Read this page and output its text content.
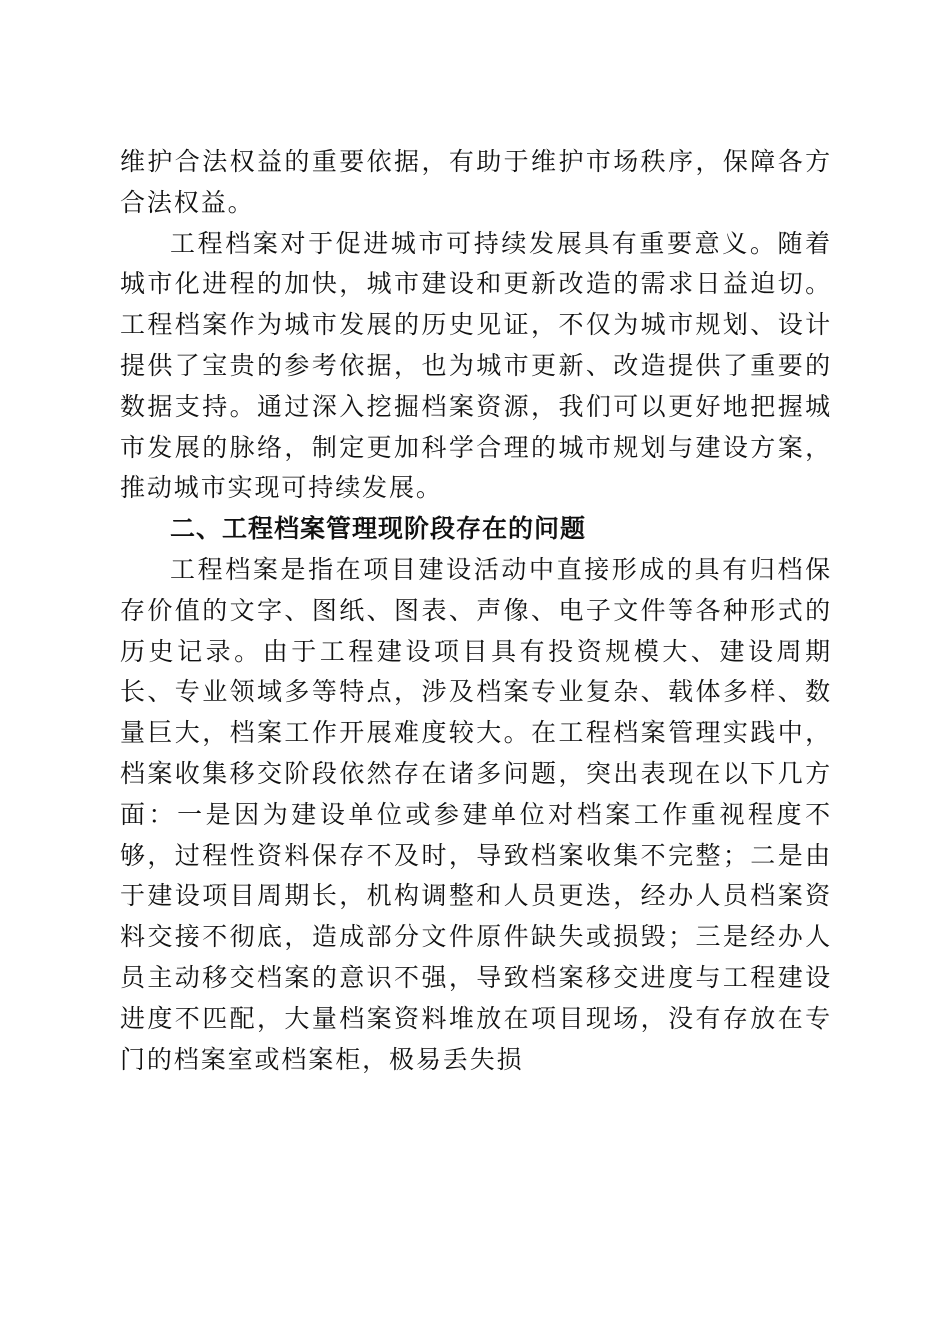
维护合法权益的重要依据，有助于维护市场秩序，保障各方合法权益。

工程档案对于促进城市可持续发展具有重要意义。随着城市化进程的加快，城市建设和更新改造的需求日益迫切。工程档案作为城市发展的历史见证，不仅为城市规划、设计提供了宝贵的参考依据，也为城市更新、改造提供了重要的数据支持。通过深入挖掘档案资源，我们可以更好地把握城市发展的脉络，制定更加科学合理的城市规划与建设方案，推动城市实现可持续发展。

二、工程档案管理现阶段存在的问题

工程档案是指在项目建设活动中直接形成的具有归档保存价值的文字、图纸、图表、声像、电子文件等各种形式的历史记录。由于工程建设项目具有投资规模大、建设周期长、专业领域多等特点，涉及档案专业复杂、载体多样、数量巨大，档案工作开展难度较大。在工程档案管理实践中，档案收集移交阶段依然存在诸多问题，突出表现在以下几方面：一是因为建设单位或参建单位对档案工作重视程度不够，过程性资料保存不及时，导致档案收集不完整；二是由于建设项目周期长，机构调整和人员更迭，经办人员档案资料交接不彻底，造成部分文件原件缺失或损毁；三是经办人员主动移交档案的意识不强，导致档案移交进度与工程建设进度不匹配，大量档案资料堆放在项目现场，没有存放在专门的档案室或档案柜，极易丢失损
